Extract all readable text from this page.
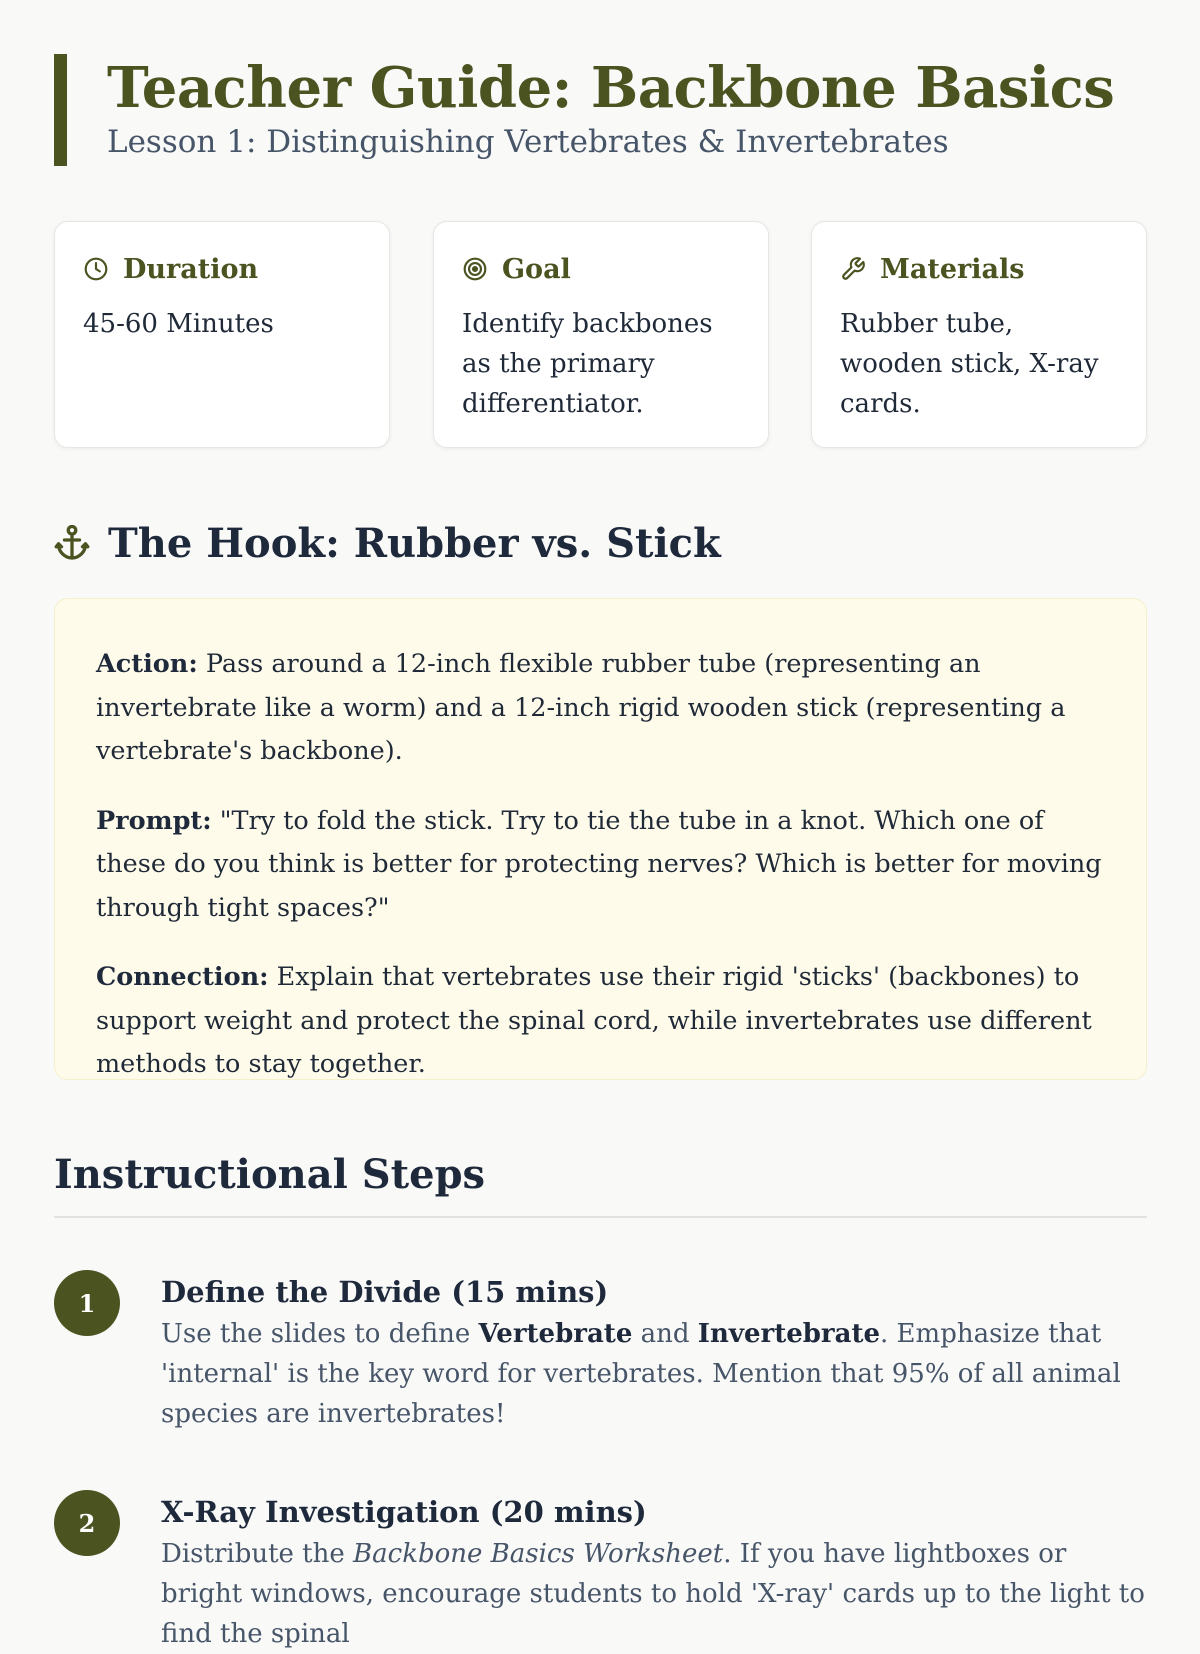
Teacher Guide: Backbone Basics

Lesson 1: Distinguishing Vertebrates & Invertebrates

Duration
45-60 Minutes
Goal
Identify backbones as the primary differentiator.
Materials
Rubber tube, wooden stick, X-ray cards.
The Hook: Rubber vs. Stick

Action: Pass around a 12-inch flexible rubber tube (representing an invertebrate like a worm) and a 12-inch rigid wooden stick (representing a vertebrate's backbone).

Prompt: "Try to fold the stick. Try to tie the tube in a knot. Which one of these do you think is better for protecting nerves? Which is better for moving through tight spaces?"

Connection: Explain that vertebrates use their rigid 'sticks' (backbones) to support weight and protect the spinal cord, while invertebrates use different methods to stay together.

Instructional Steps
1	Define the Divide (15 mins)

Use the slides to define Vertebrate and Invertebrate. Emphasize that 'internal' is the key word for vertebrates. Mention that 95% of all animal species are invertebrates!

2	X-Ray Investigation (20 mins)

Distribute the Backbone Basics Worksheet. If you have lightboxes or bright windows, encourage students to hold 'X-ray' cards up to the light to find the spinal
